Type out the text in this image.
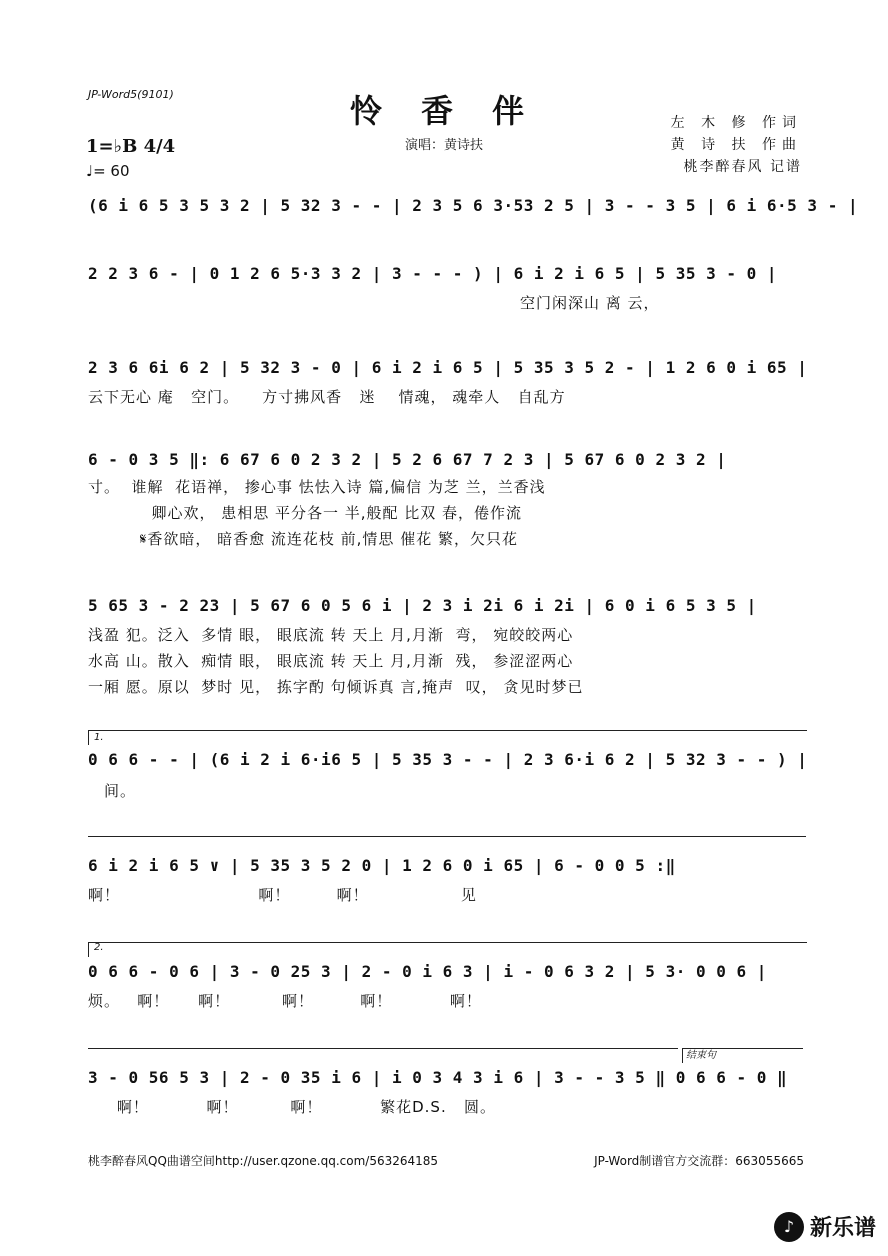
JP-Word5(9101)	怜 香 伴
演唱：黄诗扶
左 木 修 作词
黄 诗 扶 作曲
桃李醉春风 记谱
1=♭B 4/4
♩= 60
(6 i 6 5 3 5 3 2 | 5 32 3 - - | 2 3 5 6 3·53 2 5 | 3 - - 3 5 | 6 i 6·5 3 - |
2 2 3 6 - | 0 1 2 6 5·3 3 2 | 3 - - - ) | 6 i 2 i 6 5 | 5 35 3 - 0 |
空门闲深山 离 云，
2 3 6 6i 6 2 | 5 32 3 - 0 | 6 i 2 i 6 5 | 5 35 3 5 2 - | 1 2 6 0 i 65 |
云下无心 庵   空门。    方寸拂风香   迷    情魂， 魂牵人   自乱方
6 - 0 3 5 ‖: 6 67 6 0 2 3 2 | 5 2 6 67 7 2 3 | 5 67 6 0 2 3 2 |
寸。  谁解  花语禅， 掺心事 怯怯入诗 篇,偏信 为芝 兰，兰香浅
卿心欢， 患相思 平分各一 半,般配 比双 春，倦作流
𝄋香欲暗， 暗香愈 流连花枝 前,情思 催花 繁，欠只花
5 65 3 - 2 23 | 5 67 6 0 5 6 i | 2 3 i 2i 6 i 2i | 6 0 i 6 5 3 5 |
浅盈 犯。泛入  多情 眼， 眼底流 转 天上 月,月渐  弯， 宛皎皎两心
水高 山。散入  痴情 眼， 眼底流 转 天上 月,月渐  残， 参涩涩两心
一厢 愿。原以  梦时 见， 拣字酌 句倾诉真 言,掩声  叹， 贪见时梦已
1.
0 6 6 - - | (6 i 2 i 6·i6 5 | 5 35 3 - - | 2 3 6·i 6 2 | 5 32 3 - - ) |
间。
6 i 2 i 6 5 ∨ | 5 35 3 5 2 0 | 1 2 6 0 i 65 | 6 - 0 0 5 :‖
啊！                        啊！        啊！                见
2.
0 6 6 - 0 6 | 3 - 0 25 3 | 2 - 0 i 6 3 | i - 0 6 3 2 | 5 3· 0 0 6 |
烦。   啊！     啊！         啊！        啊！          啊！
结束句
3 - 0 56 5 3 | 2 - 0 35 i 6 | i 0 3 4 3 i 6 | 3 - - 3 5 ‖ 0 6 6 - 0 ‖
啊！          啊！         啊！          繁花D.S.   圆。
桃李醉春风QQ曲谱空间http://user.qzone.qq.com/563264185	JP-Word制谱官方交流群：663055665
♪ 新乐谱
